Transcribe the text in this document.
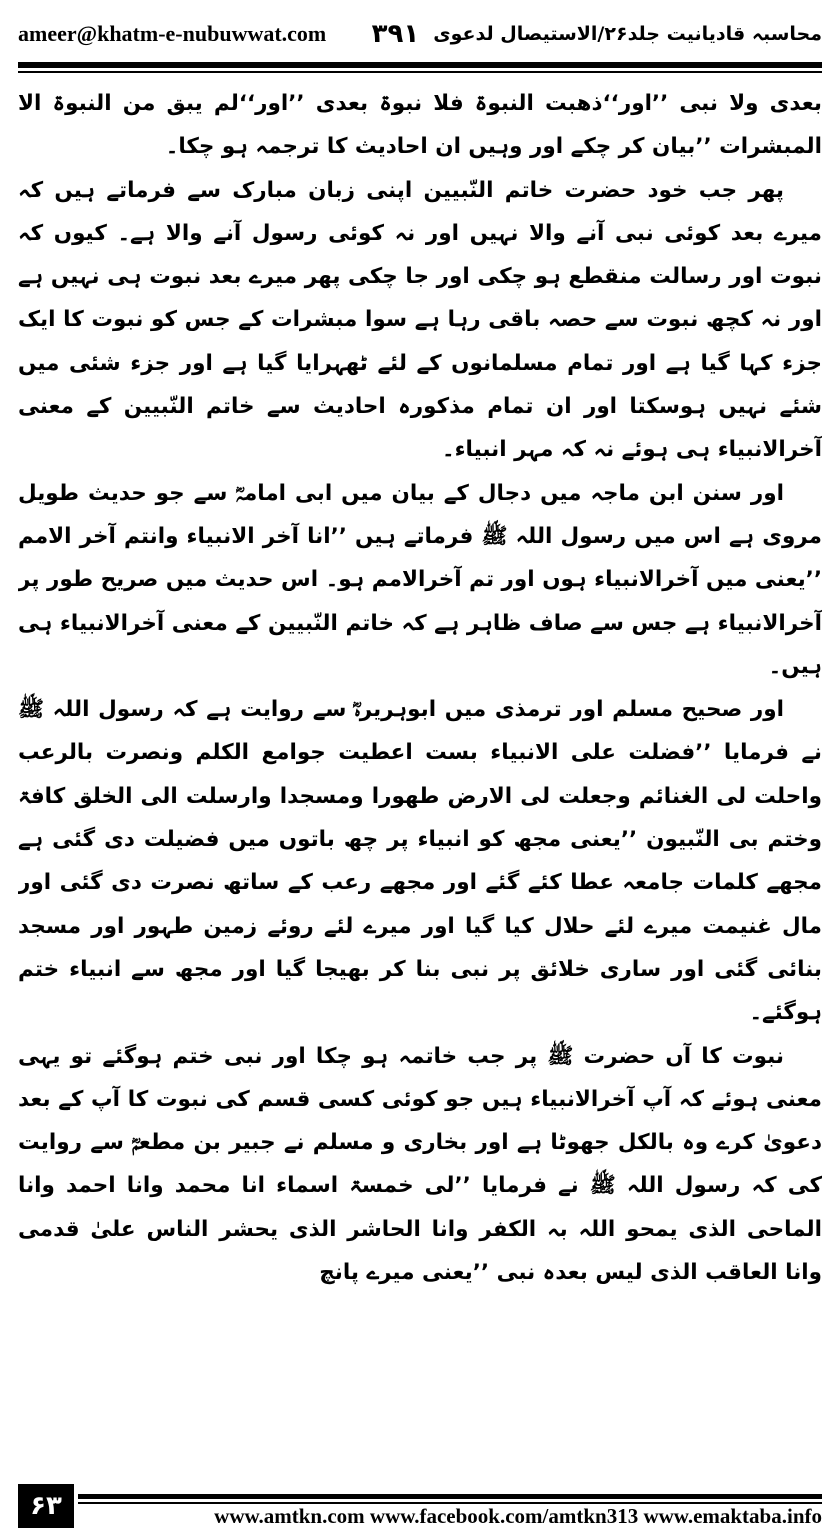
ameer@khatm-e-nubuwwat.com	محاسبہ قادیانیت جلد۲۶/الاستیصال لدعوی
۳۹۱

بعدی ولا نبی ’’اور‘‘ذھبت النبوۃ فلا نبوۃ بعدی ’’اور‘‘لم یبق من النبوۃ الا المبشرات ’’بیان کر چکے اور وہیں ان احادیث کا ترجمہ ہو چکا۔

پھر جب خود حضرت خاتم النّبیین اپنی زبان مبارک سے فرماتے ہیں کہ میرے بعد کوئی نبی آنے والا نہیں اور نہ کوئی رسول آنے والا ہے۔ کیوں کہ نبوت اور رسالت منقطع ہو چکی اور جا چکی پھر میرے بعد نبوت ہی نہیں ہے اور نہ کچھ نبوت سے حصہ باقی رہا ہے سوا مبشرات کے جس کو نبوت کا ایک جزء کہا گیا ہے اور تمام مسلمانوں کے لئے ٹھہرایا گیا ہے اور جزء شئی میں شئے نہیں ہوسکتا اور ان تمام مذکورہ احادیث سے خاتم النّبیین کے معنی آخرالانبیاء ہی ہوئے نہ کہ مہر انبیاء۔

اور سنن ابن ماجہ میں دجال کے بیان میں ابی امامہؓ سے جو حدیث طویل مروی ہے اس میں رسول اللہ ﷺ فرماتے ہیں ’’انا آخر الانبیاء وانتم آخر الامم ’’یعنی میں آخرالانبیاء ہوں اور تم آخرالامم ہو۔ اس حدیث میں صریح طور پر آخرالانبیاء ہے جس سے صاف ظاہر ہے کہ خاتم النّبیین کے معنی آخرالانبیاء ہی ہیں۔

اور صحیح مسلم اور ترمذی میں ابوہریرہؓ سے روایت ہے کہ رسول اللہ ﷺ نے فرمایا ’’فضلت علی الانبیاء بست اعطیت جوامع الکلم ونصرت بالرعب واحلت لی الغنائم وجعلت لی الارض طھورا ومسجدا وارسلت الی الخلق کافۃ وختم بی النّبیون ’’یعنی مجھ کو انبیاء پر چھ باتوں میں فضیلت دی گئی ہے مجھے کلمات جامعہ عطا کئے گئے اور مجھے رعب کے ساتھ نصرت دی گئی اور مال غنیمت میرے لئے حلال کیا گیا اور میرے لئے روئے زمین طہور اور مسجد بنائی گئی اور ساری خلائق پر نبی بنا کر بھیجا گیا اور مجھ سے انبیاء ختم ہوگئے۔

نبوت کا آں حضرت ﷺ پر جب خاتمہ ہو چکا اور نبی ختم ہوگئے تو یہی معنی ہوئے کہ آپ آخرالانبیاء ہیں جو کوئی کسی قسم کی نبوت کا آپ کے بعد دعویٰ کرے وہ بالکل جھوٹا ہے اور بخاری و مسلم نے جبیر بن مطعمؓ سے روایت کی کہ رسول اللہ ﷺ نے فرمایا ’’لی خمسۃ اسماء انا محمد وانا احمد وانا الماحی الذی یمحو اللہ بہ الکفر وانا الحاشر الذی یحشر الناس علیٰ قدمی وانا العاقب الذی لیس بعدہ نبی ’’یعنی میرے پانچ

۶۳	www.amtkn.com www.facebook.com/amtkn313 www.emaktaba.info
